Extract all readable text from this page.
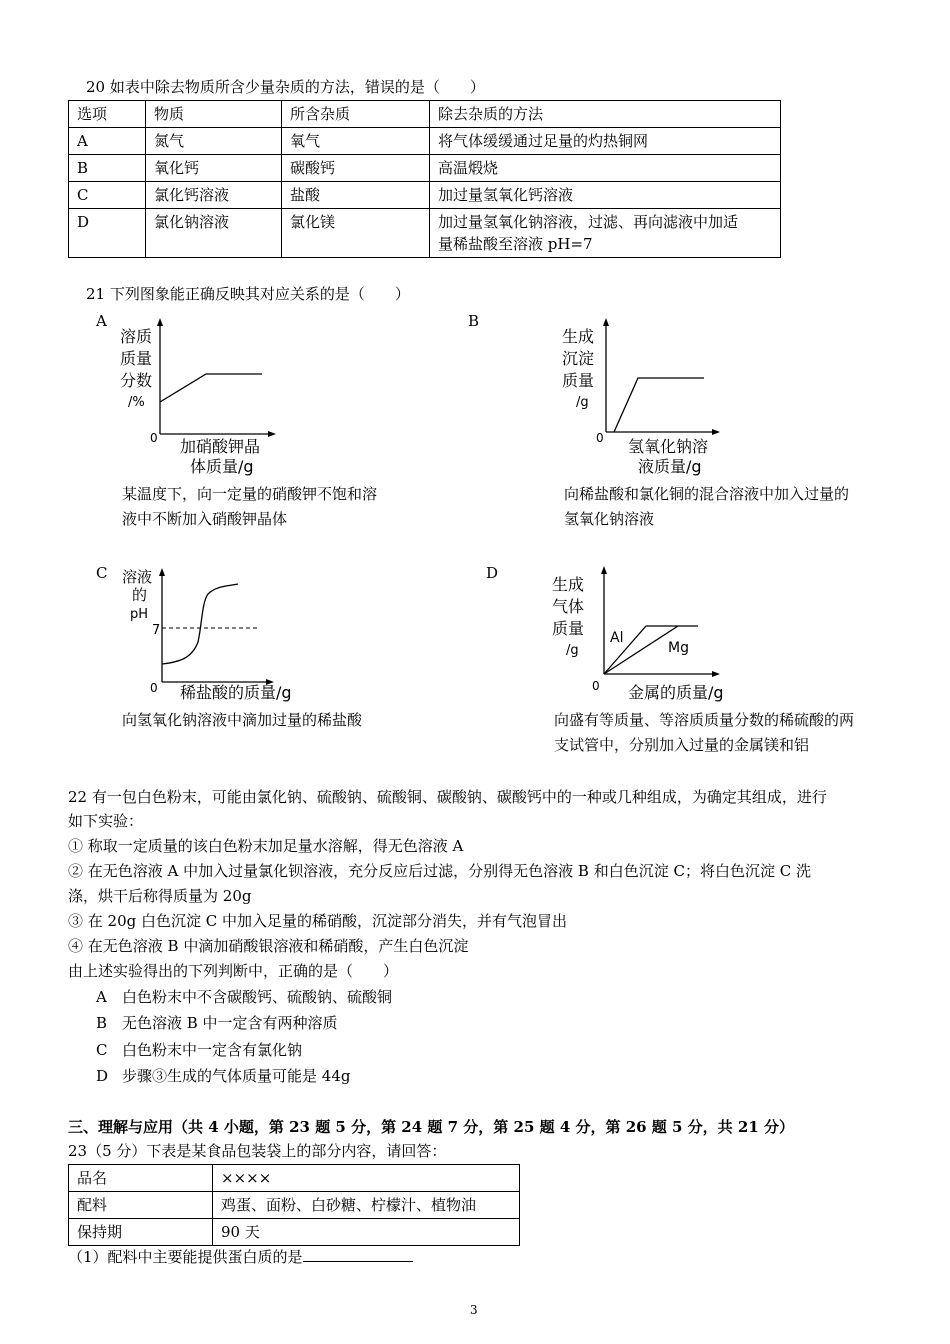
20 如表中除去物质所含少量杂质的方法，错误的是（　　）
选项	物质	所含杂质	除去杂质的方法
A	氮气	氧气	将气体缓缓通过足量的灼热铜网
B	氧化钙	碳酸钙	高温煅烧
C	氯化钙溶液	盐酸	加过量氢氧化钙溶液
D	氯化钠溶液	氯化镁	加过量氢氧化钠溶液，过滤、再向滤液中加适
量稀盐酸至溶液 pH=7
21 下列图象能正确反映其对应关系的是（　　）
A
溶质
质量
分数
/%
0 加硝酸钾晶
体质量/g
某温度下，向一定量的硝酸钾不饱和溶
液中不断加入硝酸钾晶体
B
生成
沉淀
质量
/g
0 氢氧化钠溶
液质量/g
向稀盐酸和氯化铜的混合溶液中加入过量的
氢氧化钠溶液
C 溶液
的
pH
7
0 稀盐酸的质量/g
向氢氧化钠溶液中滴加过量的稀盐酸
D
生成
气体
质量
/g
0
Al
Mg
金属的质量/g
向盛有等质量、等溶质质量分数的稀硫酸的两
支试管中，分别加入过量的金属镁和铝
22 有一包白色粉末，可能由氯化钠、硫酸钠、硫酸铜、碳酸钠、碳酸钙中的一种或几种组成，为确定其组成，进行
如下实验：
① 称取一定质量的该白色粉末加足量水溶解，得无色溶液 A
② 在无色溶液 A 中加入过量氯化钡溶液，充分反应后过滤，分别得无色溶液 B 和白色沉淀 C；将白色沉淀 C 洗
涤，烘干后称得质量为 20g
③ 在 20g 白色沉淀 C 中加入足量的稀硝酸，沉淀部分消失，并有气泡冒出
④ 在无色溶液 B 中滴加硝酸银溶液和稀硝酸，产生白色沉淀
由上述实验得出的下列判断中，正确的是（　　）
A 白色粉末中不含碳酸钙、硫酸钠、硫酸铜
B 无色溶液 B 中一定含有两种溶质
C 白色粉末中一定含有氯化钠
D 步骤③生成的气体质量可能是 44g
三、理解与应用（共 4 小题，第 23 题 5 分，第 24 题 7 分，第 25 题 4 分，第 26 题 5 分，共 21 分）
23（5 分）下表是某食品包装袋上的部分内容，请回答：
品名	××××
配料	鸡蛋、面粉、白砂糖、柠檬汁、植物油
保持期	90 天
（1）配料中主要能提供蛋白质的是
3
